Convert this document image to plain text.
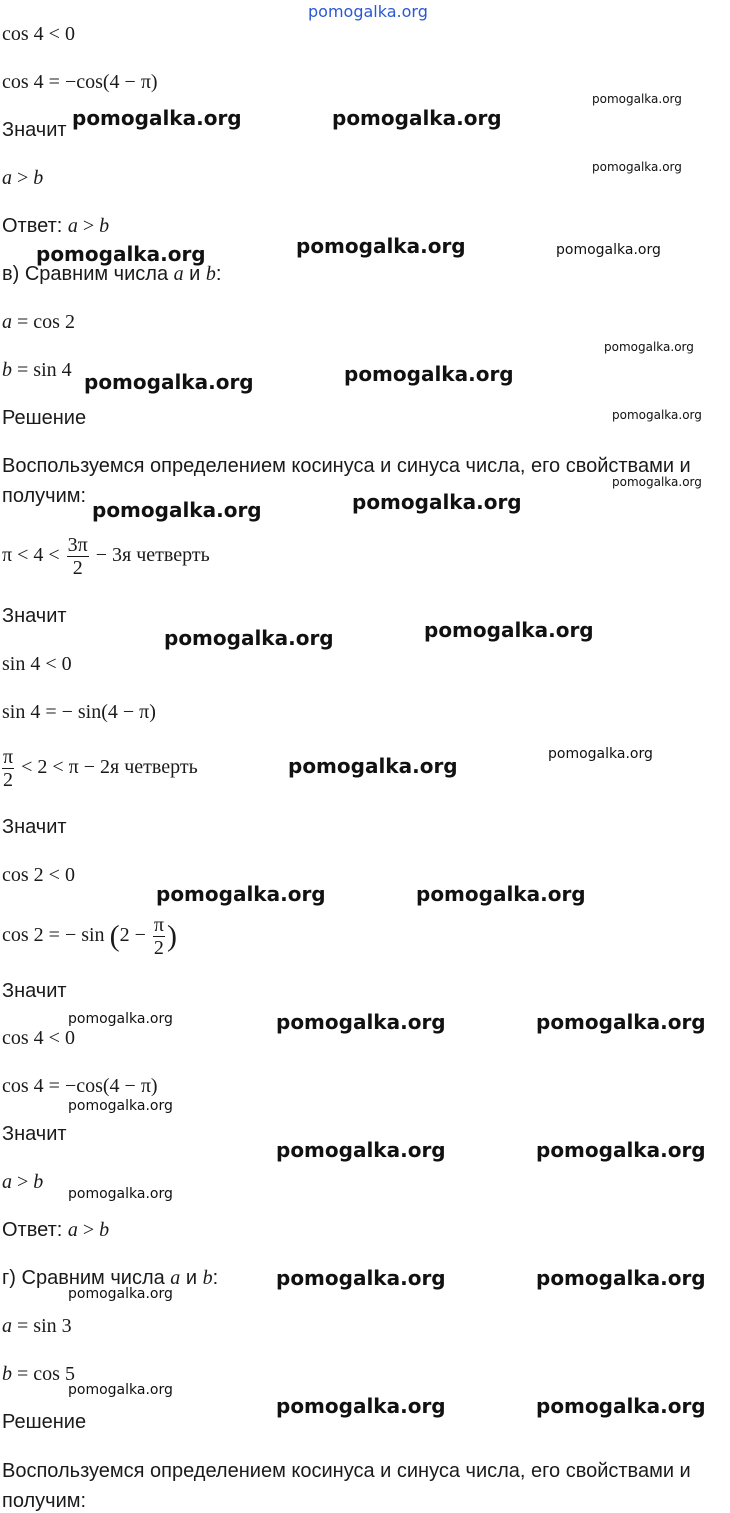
pomogalka.org
cos 4 < 0
cos 4 = −cos(4 − π)
Значит
a > b
Ответ: a > b
в) Сравним числа a и b:
a = cos 2
b = sin 4
Решение
Воспользуемся определением косинуса и синуса числа, его свойствами и
получим:
$\pi < 4 < \frac{3\pi}{2} - 3я$ четверть
Значит
sin 4 < 0
sin 4 = − sin(4 − π)
$\frac{\pi}{2} < 2 < \pi - 2я$ четверть
Значит
cos 2 < 0
cos 2 = − $\sin (2 - \frac{\pi}{2}$ )
Значит
cos 4 < 0
cos 4 = −cos(4 − π)
Значит
a > b
Ответ: a > b
г) Сравним числа a и b:
a = sin 3
b = cos 5
Решение
Воспользуемся определением косинуса и синуса числа, его свойствами и
получим:
pomogalka.org	pomogalka.org
pomogalka.org
pomogalka.org
pomogalka.org	pomogalka.org	pomogalka.org
pomogalka.org
pomogalka.org	pomogalka.org
pomogalka.org
pomogalka.org
pomogalka.org	pomogalka.org
pomogalka.org	pomogalka.org
pomogalka.org	pomogalka.org
pomogalka.org	pomogalka.org
pomogalka.org	pomogalka.org	pomogalka.org
pomogalka.org
pomogalka.org	pomogalka.org
pomogalka.org
pomogalka.org	pomogalka.org
pomogalka.org
pomogalka.org
pomogalka.org	pomogalka.org
